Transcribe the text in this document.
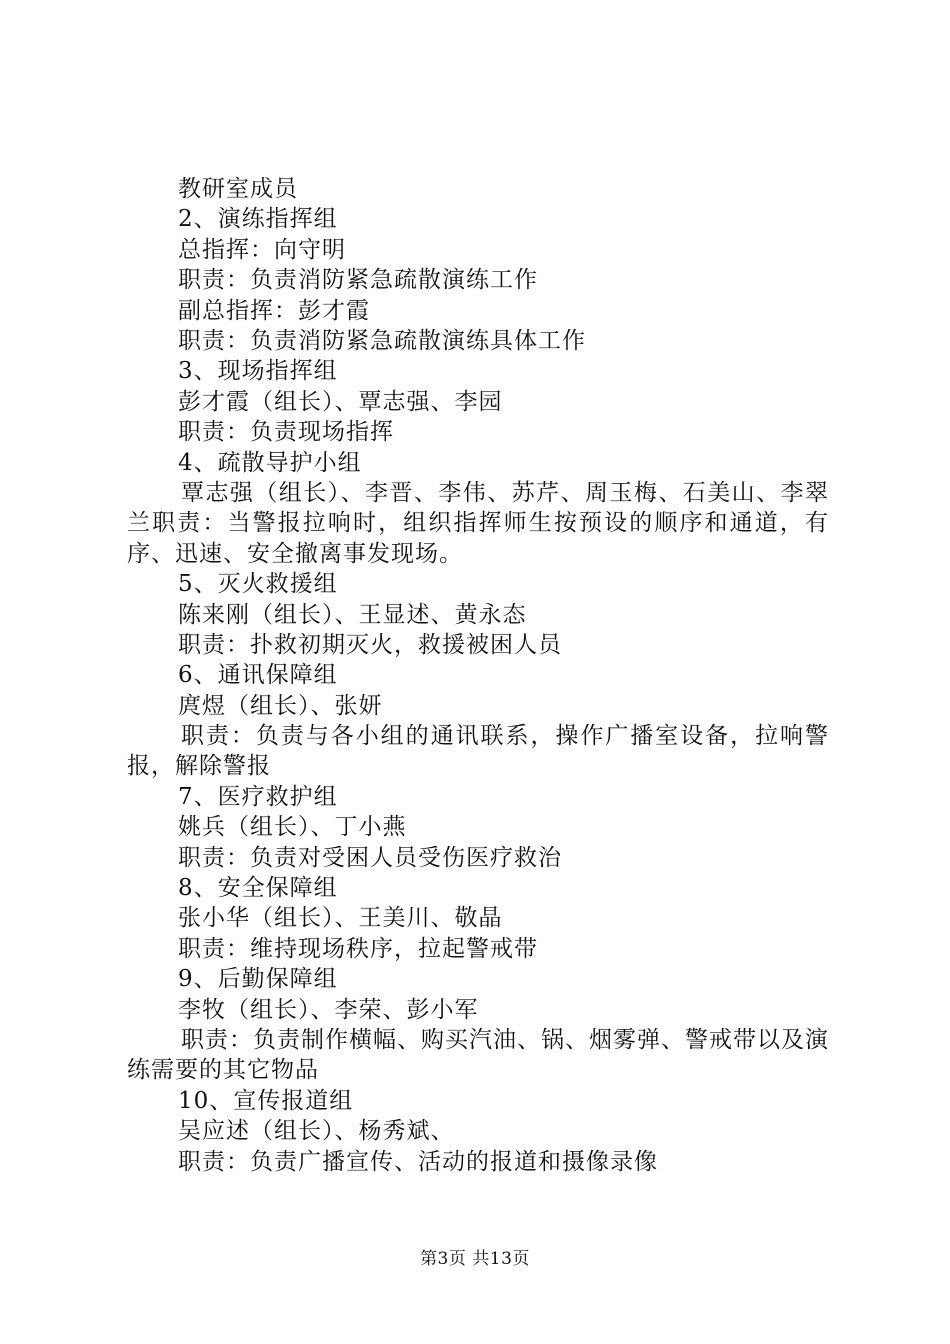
教研室成员
2、演练指挥组
总指挥：向守明
职责：负责消防紧急疏散演练工作
副总指挥：彭才霞
职责：负责消防紧急疏散演练具体工作
3、现场指挥组
彭才霞（组长）、覃志强、李园
职责：负责现场指挥
4、疏散导护小组
覃志强（组长）、李晋、李伟、苏芹、周玉梅、石美山、李翠兰职责：当警报拉响时，组织指挥师生按预设的顺序和通道，有序、迅速、安全撤离事发现场。
5、灭火救援组
陈来刚（组长）、王显述、黄永态
职责：扑救初期灭火，救援被困人员
6、通讯保障组
庹煜（组长）、张妍
职责：负责与各小组的通讯联系，操作广播室设备，拉响警报，解除警报
7、医疗救护组
姚兵（组长）、丁小燕
职责：负责对受困人员受伤医疗救治
8、安全保障组
张小华（组长）、王美川、敬晶
职责：维持现场秩序，拉起警戒带
9、后勤保障组
李牧（组长）、李荣、彭小军
职责：负责制作横幅、购买汽油、锅、烟雾弹、警戒带以及演练需要的其它物品
10、宣传报道组
吴应述（组长）、杨秀斌、
职责：负责广播宣传、活动的报道和摄像录像
第3页 共13页
